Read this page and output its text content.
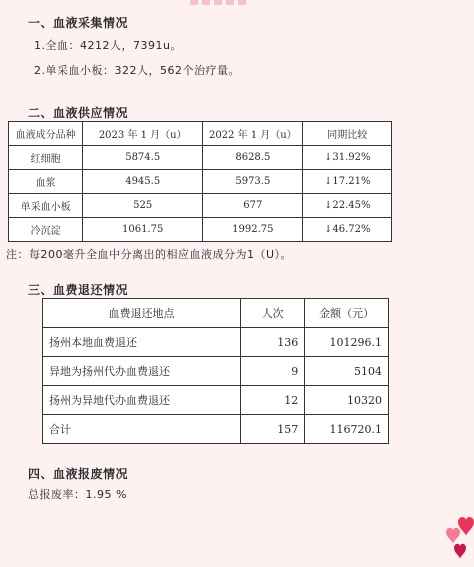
一、血液采集情况
1.全血：4212人，7391u。
2.单采血小板：322人，562个治疗量。
二、血液供应情况
血液成分品种	2023 年 1 月（u）	2022 年 1 月（u）	同期比较
红细胞	5874.5	8628.5	↓31.92%
血浆	4945.5	5973.5	↓17.21%
单采血小板	525	677	↓22.45%
冷沉淀	1061.75	1992.75	↓46.72%
注：每200毫升全血中分离出的相应血液成分为1（U）。
三、血费退还情况
血费退还地点	人次	金额（元）
扬州本地血费退还	136	101296.1
异地为扬州代办血费退还	9	5104
扬州为异地代办血费退还	12	10320
合计	157	116720.1
四、血液报废情况
总报废率：1.95 %
